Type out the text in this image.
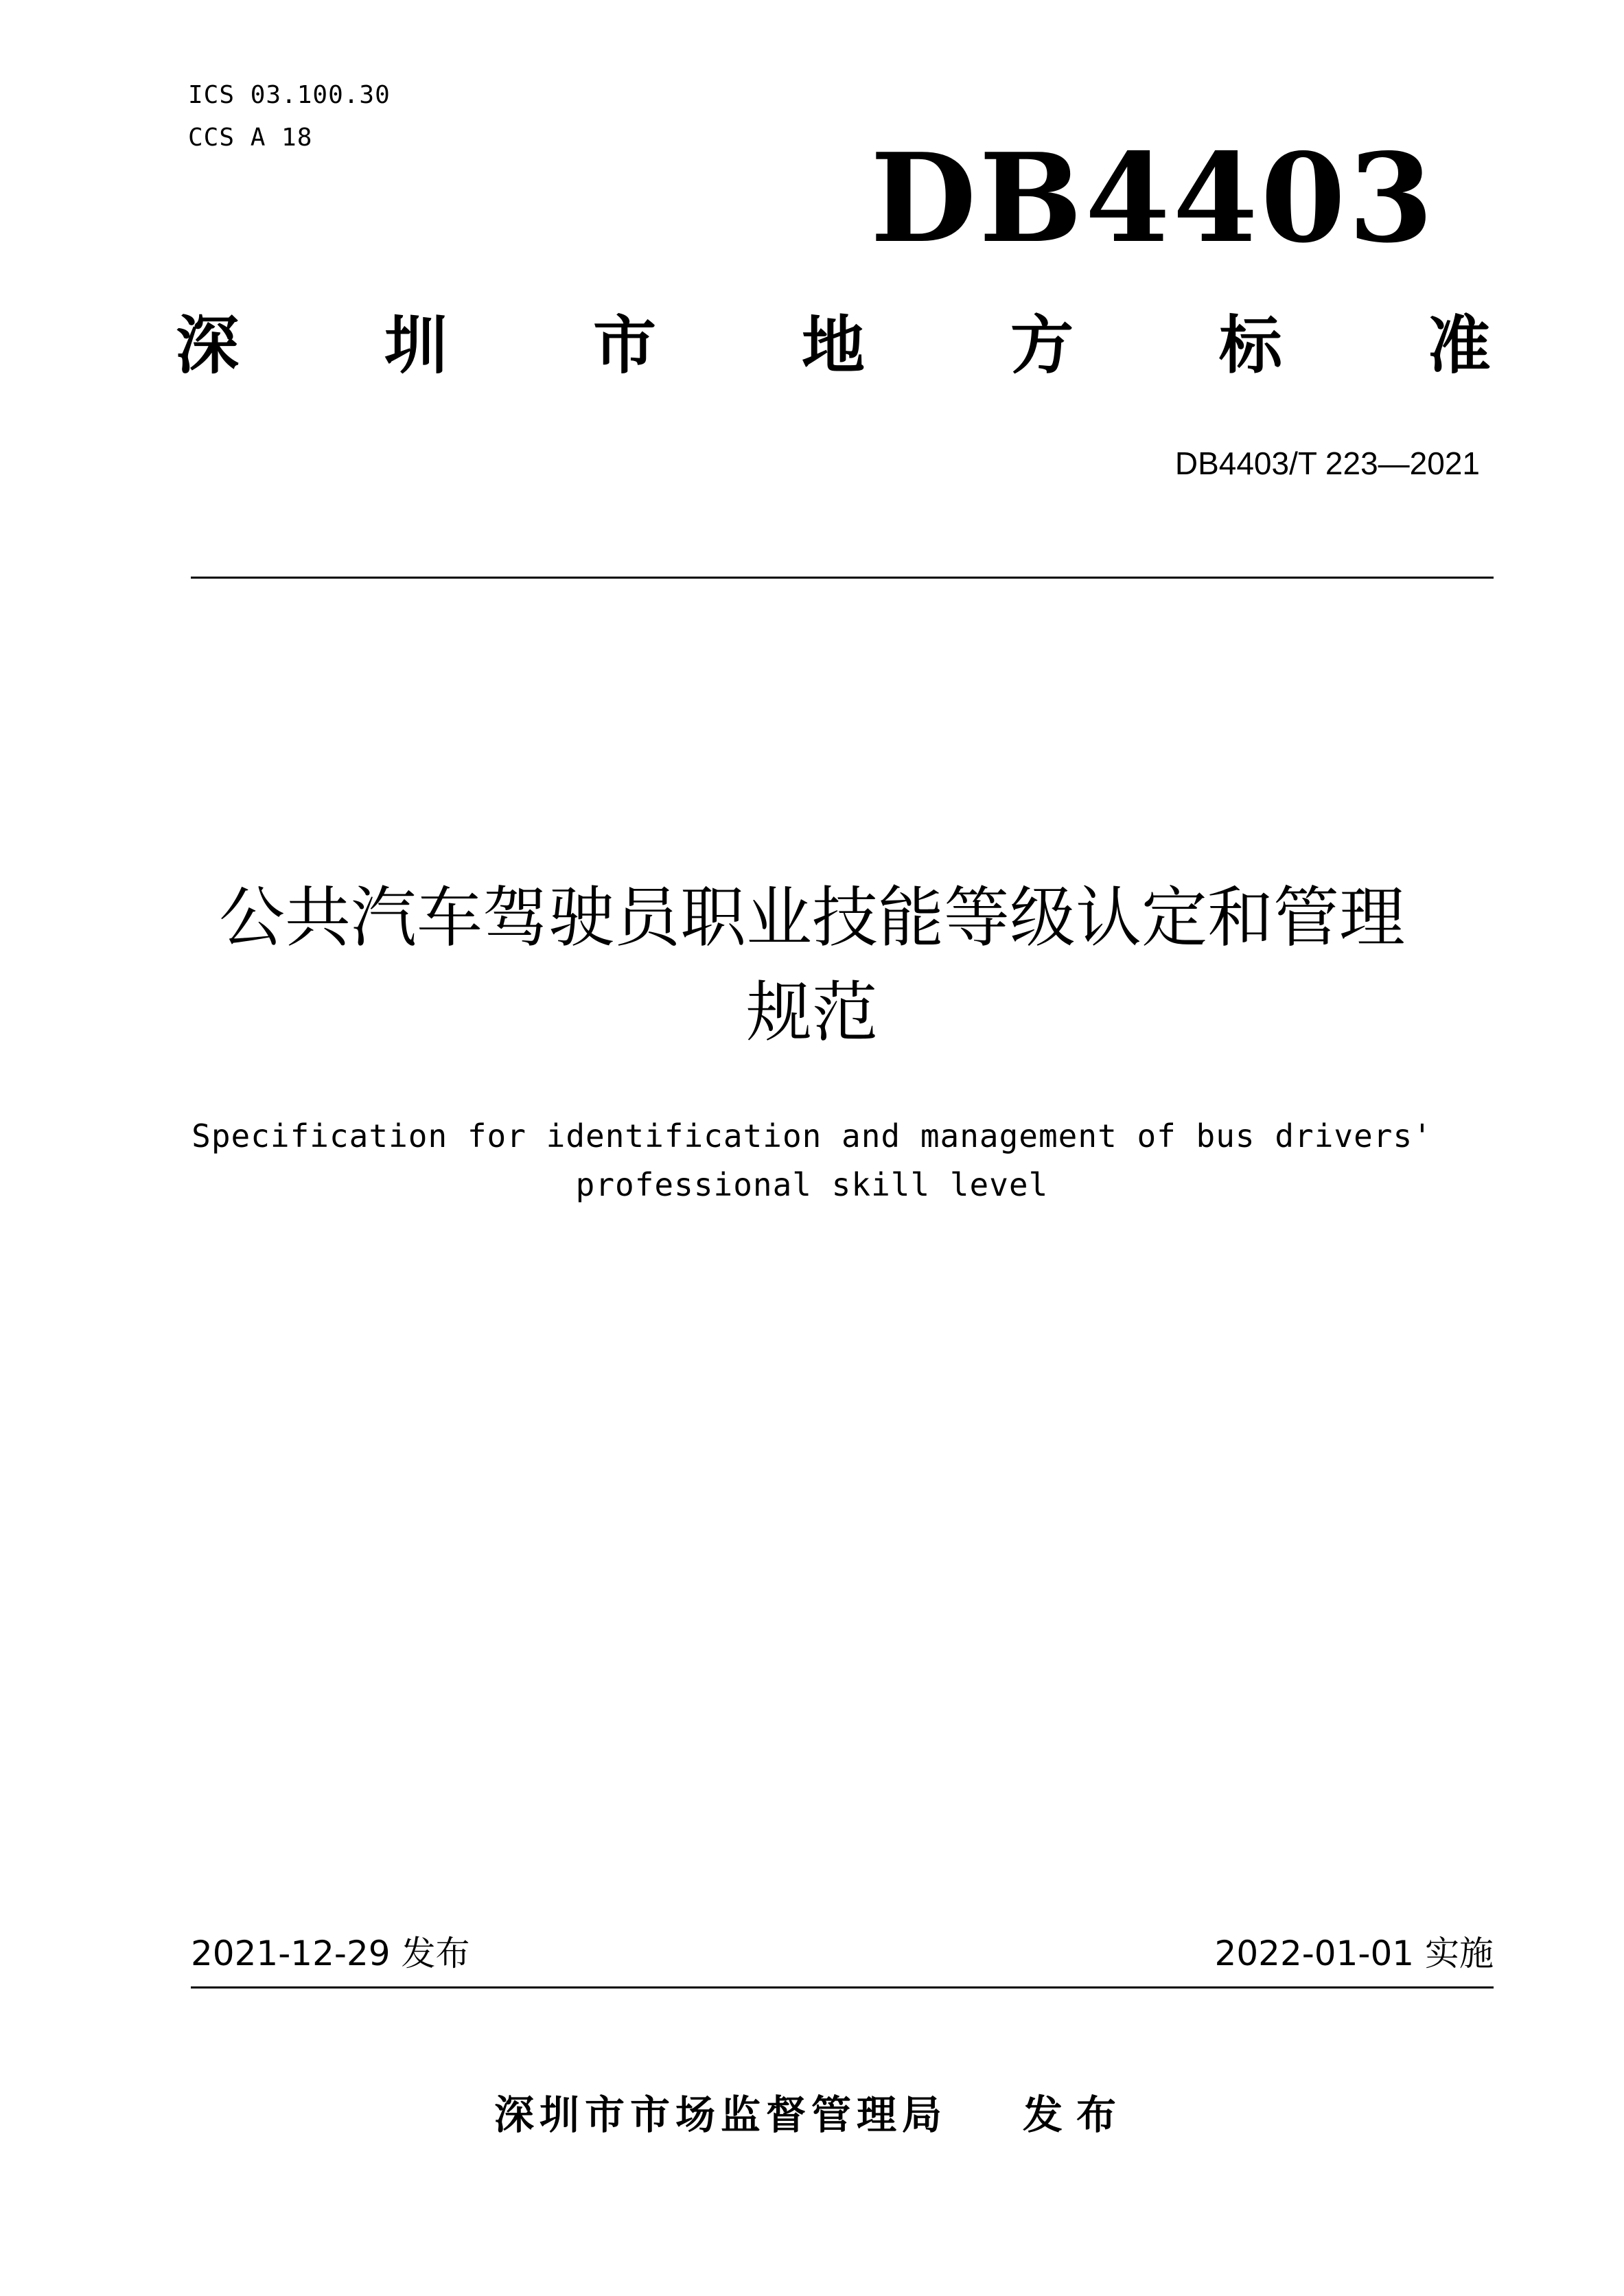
ICS 03.100.30
CCS A 18	DB4403
深 圳 市 地 方 标 准
DB4403/T 223—2021
公共汽车驾驶员职业技能等级认定和管理
规范
Specification for identification and management of bus drivers'
professional skill level
2021-12-29 发布	2022-01-01 实施
深圳市市场监督管理局 发布
